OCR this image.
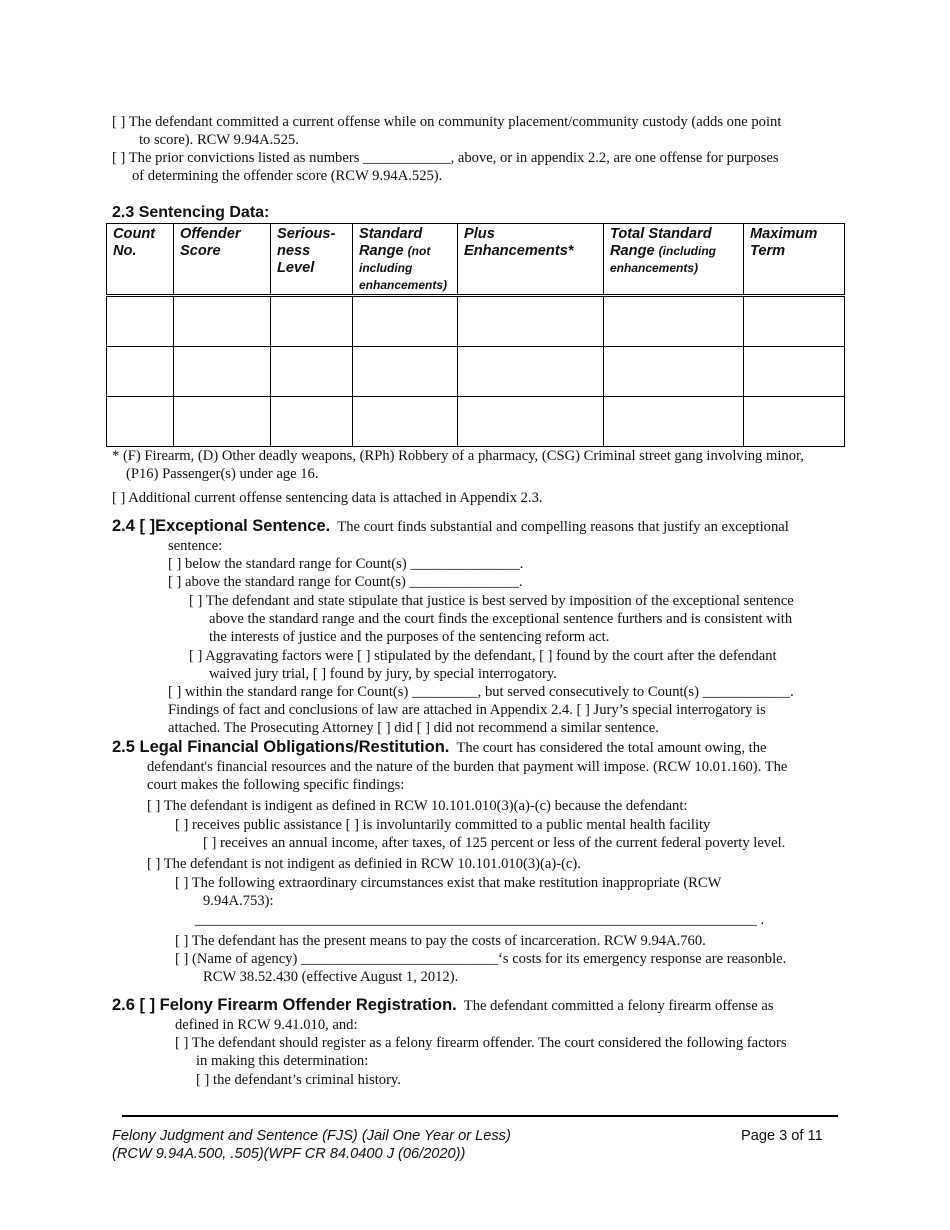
[ ] The defendant committed a current offense while on community placement/community custody (adds one point
to score). RCW 9.94A.525.
[ ] The prior convictions listed as numbers ____________, above, or in appendix 2.2, are one offense for purposes
of determining the offender score (RCW 9.94A.525).
2.3 Sentencing Data:
Count No.	Offender Score	Serious-ness Level	Standard Range (not including enhancements)	Plus Enhancements*	Total Standard Range (including enhancements)	Maximum Term

* (F) Firearm, (D) Other deadly weapons, (RPh) Robbery of a pharmacy, (CSG) Criminal street gang involving minor,
(P16) Passenger(s) under age 16.
[ ] Additional current offense sentencing data is attached in Appendix 2.3.
2.4 [ ]Exceptional Sentence. The court finds substantial and compelling reasons that justify an exceptional
sentence:
[ ] below the standard range for Count(s) _______________.
[ ] above the standard range for Count(s) _______________.
[ ] The defendant and state stipulate that justice is best served by imposition of the exceptional sentence
above the standard range and the court finds the exceptional sentence furthers and is consistent with
the interests of justice and the purposes of the sentencing reform act.
[ ] Aggravating factors were [ ] stipulated by the defendant, [ ] found by the court after the defendant
waived jury trial, [ ] found by jury, by special interrogatory.
[ ] within the standard range for Count(s) _________, but served consecutively to Count(s) ____________.
Findings of fact and conclusions of law are attached in Appendix 2.4. [ ] Jury’s special interrogatory is
attached. The Prosecuting Attorney [ ] did [ ] did not recommend a similar sentence.
2.5 Legal Financial Obligations/Restitution. The court has considered the total amount owing, the
defendant's financial resources and the nature of the burden that payment will impose. (RCW 10.01.160). The
court makes the following specific findings:
[ ] The defendant is indigent as defined in RCW 10.101.010(3)(a)-(c) because the defendant:
[ ] receives public assistance [ ] is involuntarily committed to a public mental health facility
[ ] receives an annual income, after taxes, of 125 percent or less of the current federal poverty level.
[ ] The defendant is not indigent as definied in RCW 10.101.010(3)(a)-(c).
[ ] The following extraordinary circumstances exist that make restitution inappropriate (RCW
9.94A.753):
_____________________________________________________________________________ .
[ ] The defendant has the present means to pay the costs of incarceration. RCW 9.94A.760.
[ ] (Name of agency) ___________________________‘s costs for its emergency response are reasonble.
RCW 38.52.430 (effective August 1, 2012).
2.6 [ ] Felony Firearm Offender Registration. The defendant committed a felony firearm offense as
defined in RCW 9.41.010, and:
[ ] The defendant should register as a felony firearm offender. The court considered the following factors
in making this determination:
[ ] the defendant’s criminal history.
Felony Judgment and Sentence (FJS) (Jail One Year or Less)
(RCW 9.94A.500, .505)(WPF CR 84.0400 J (06/2020))
Page 3 of 11
